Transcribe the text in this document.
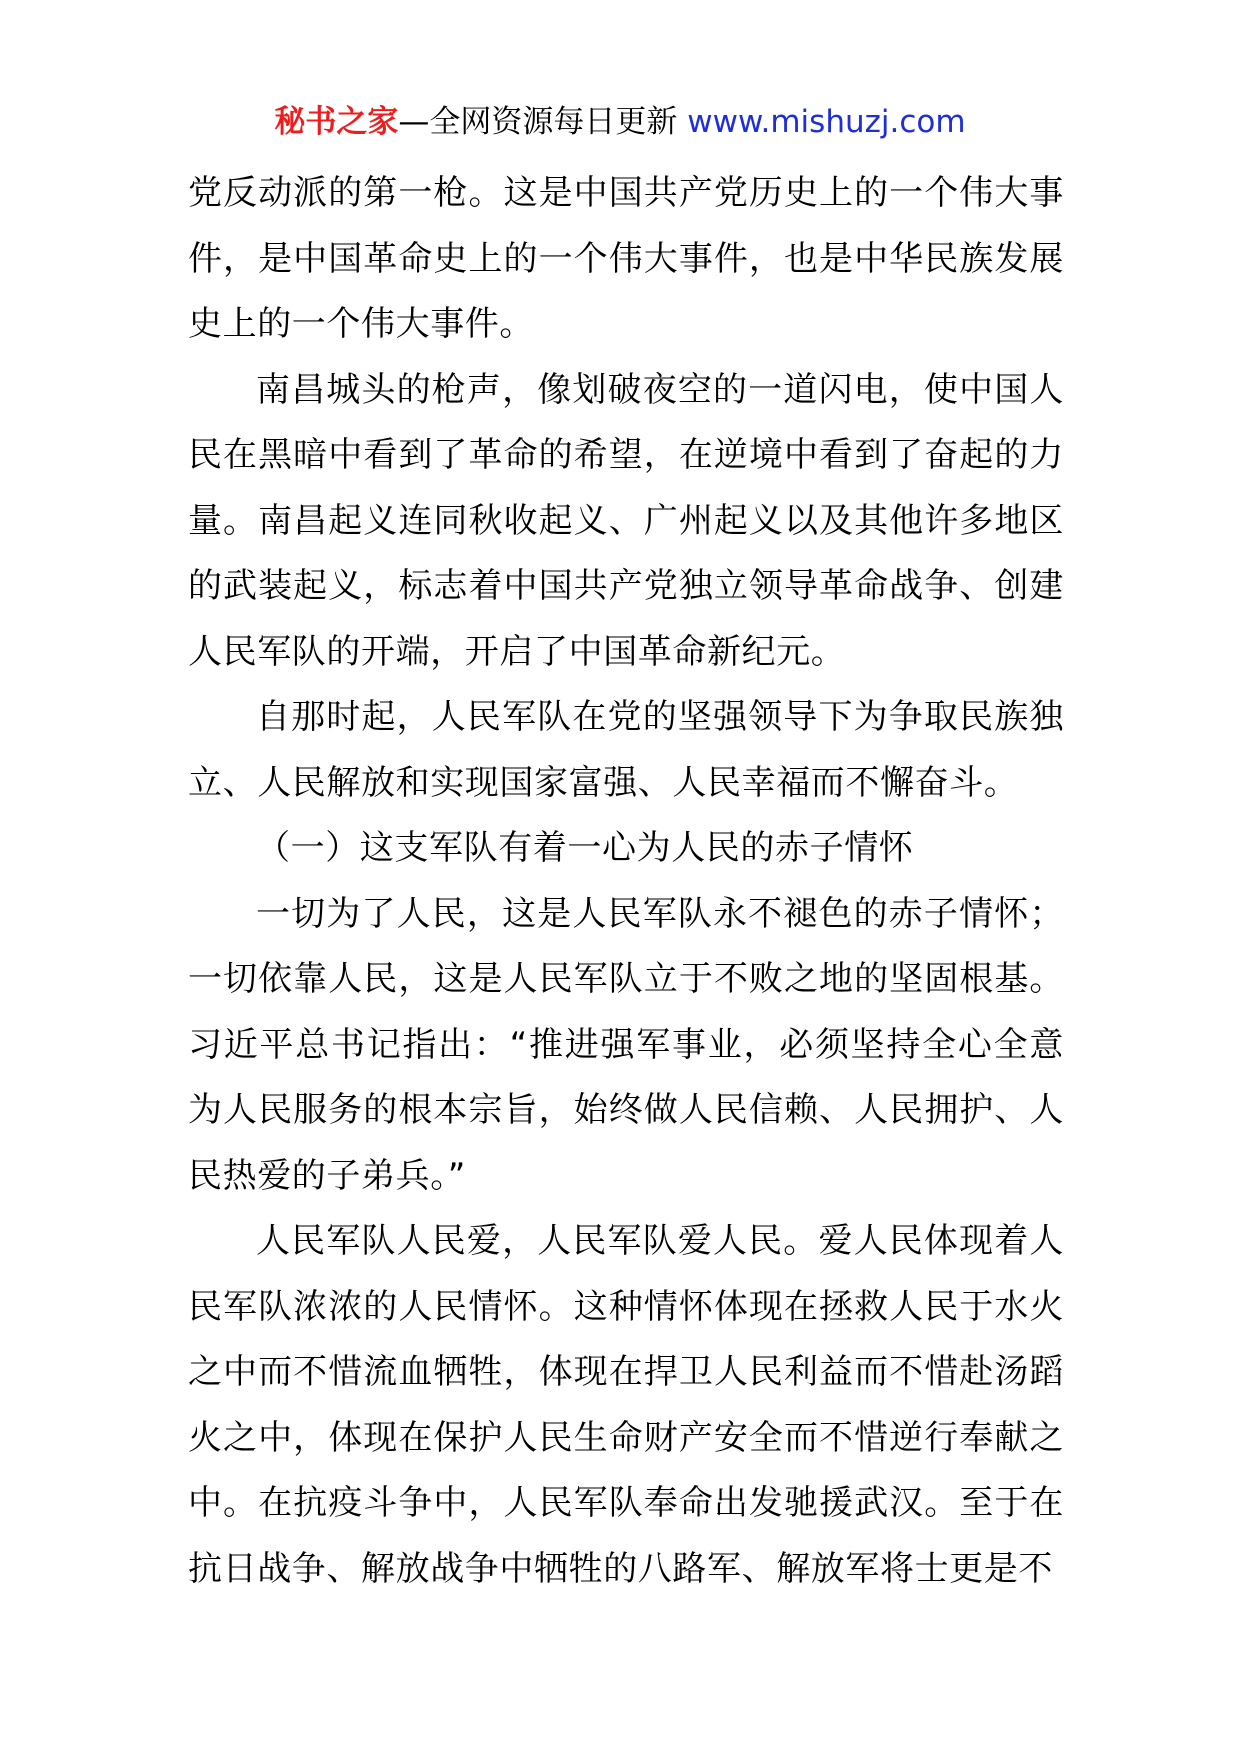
秘书之家—全网资源每日更新 www.mishuzj.com

党反动派的第一枪。这是中国共产党历史上的一个伟大事件，是中国革命史上的一个伟大事件，也是中华民族发展史上的一个伟大事件。

南昌城头的枪声，像划破夜空的一道闪电，使中国人民在黑暗中看到了革命的希望，在逆境中看到了奋起的力量。南昌起义连同秋收起义、广州起义以及其他许多地区的武装起义，标志着中国共产党独立领导革命战争、创建人民军队的开端，开启了中国革命新纪元。

自那时起，人民军队在党的坚强领导下为争取民族独立、人民解放和实现国家富强、人民幸福而不懈奋斗。

（一）这支军队有着一心为人民的赤子情怀

一切为了人民，这是人民军队永不褪色的赤子情怀；一切依靠人民，这是人民军队立于不败之地的坚固根基。习近平总书记指出：“推进强军事业，必须坚持全心全意为人民服务的根本宗旨，始终做人民信赖、人民拥护、人民热爱的子弟兵。”

人民军队人民爱，人民军队爱人民。爱人民体现着人民军队浓浓的人民情怀。这种情怀体现在拯救人民于水火之中而不惜流血牺牲，体现在捍卫人民利益而不惜赴汤蹈火之中，体现在保护人民生命财产安全而不惜逆行奉献之中。在抗疫斗争中，人民军队奉命出发驰援武汉。至于在抗日战争、解放战争中牺牲的八路军、解放军将士更是不
